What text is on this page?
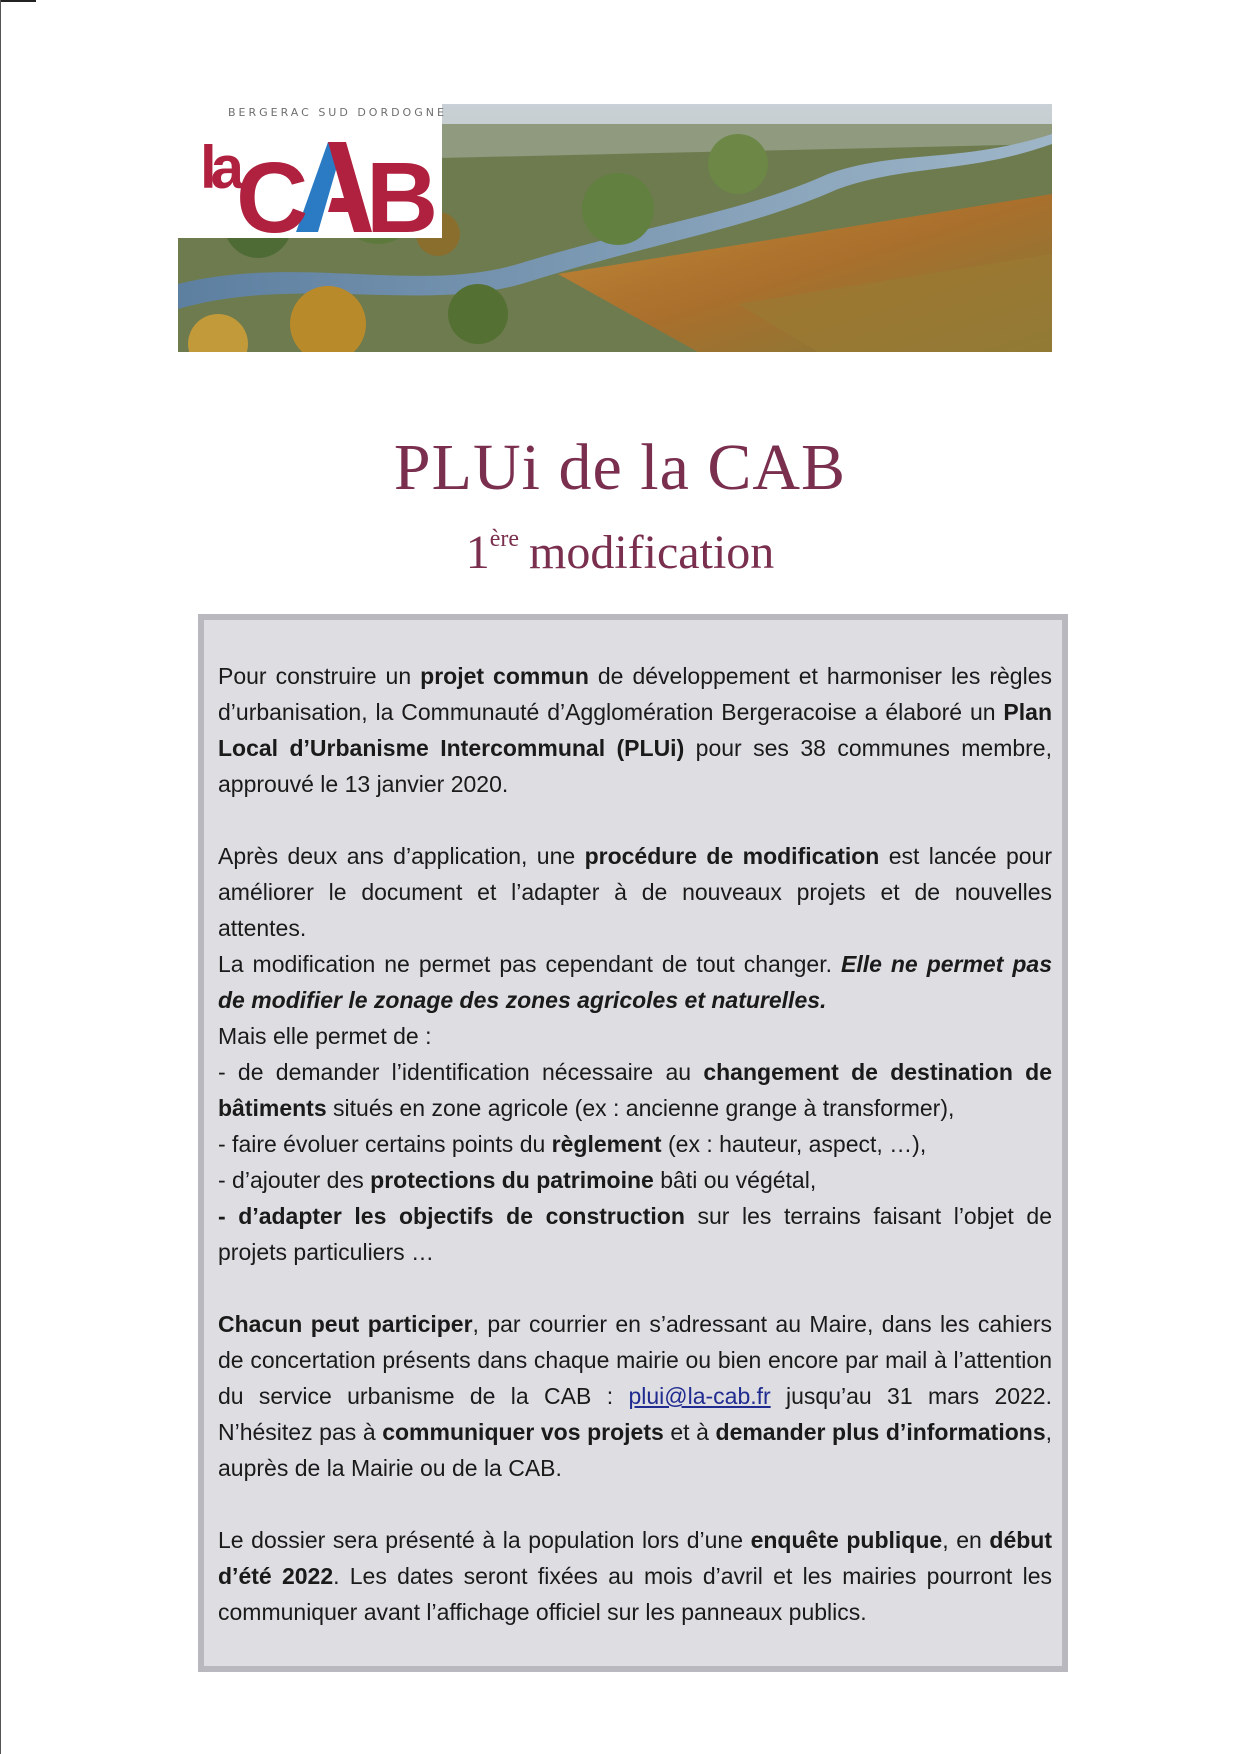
la
C B
BERGERAC SUD DORDOGNE
PLUi de la CAB
1ère modification

Pour construire un projet commun de développement et harmoniser les règles d’urbanisation, la Communauté d’Agglomération Bergeracoise a élaboré un Plan Local d’Urbanisme Intercommunal (PLUi) pour ses 38 communes membre, approuvé le 13 janvier 2020.

Après deux ans d’application, une procédure de modification est lancée pour améliorer le document et l’adapter à de nouveaux projets et de nouvelles attentes.

La modification ne permet pas cependant de tout changer. Elle ne permet pas de modifier le zonage des zones agricoles et naturelles.

Mais elle permet de :

- de demander l’identification nécessaire au changement de destination de bâtiments situés en zone agricole (ex : ancienne grange à transformer),

- faire évoluer certains points du règlement (ex : hauteur, aspect, …),

- d’ajouter des protections du patrimoine bâti ou végétal,

- d’adapter les objectifs de construction sur les terrains faisant l’objet de projets particuliers …

Chacun peut participer, par courrier en s’adressant au Maire, dans les cahiers de concertation présents dans chaque mairie ou bien encore par mail à l’attention du service urbanisme de la CAB : plui@la-cab.fr jusqu’au 31 mars 2022. N’hésitez pas à communiquer vos projets et à demander plus d’informations, auprès de la Mairie ou de la CAB.

Le dossier sera présenté à la population lors d’une enquête publique, en début d’été 2022. Les dates seront fixées au mois d’avril et les mairies pourront les communiquer avant l’affichage officiel sur les panneaux publics.
